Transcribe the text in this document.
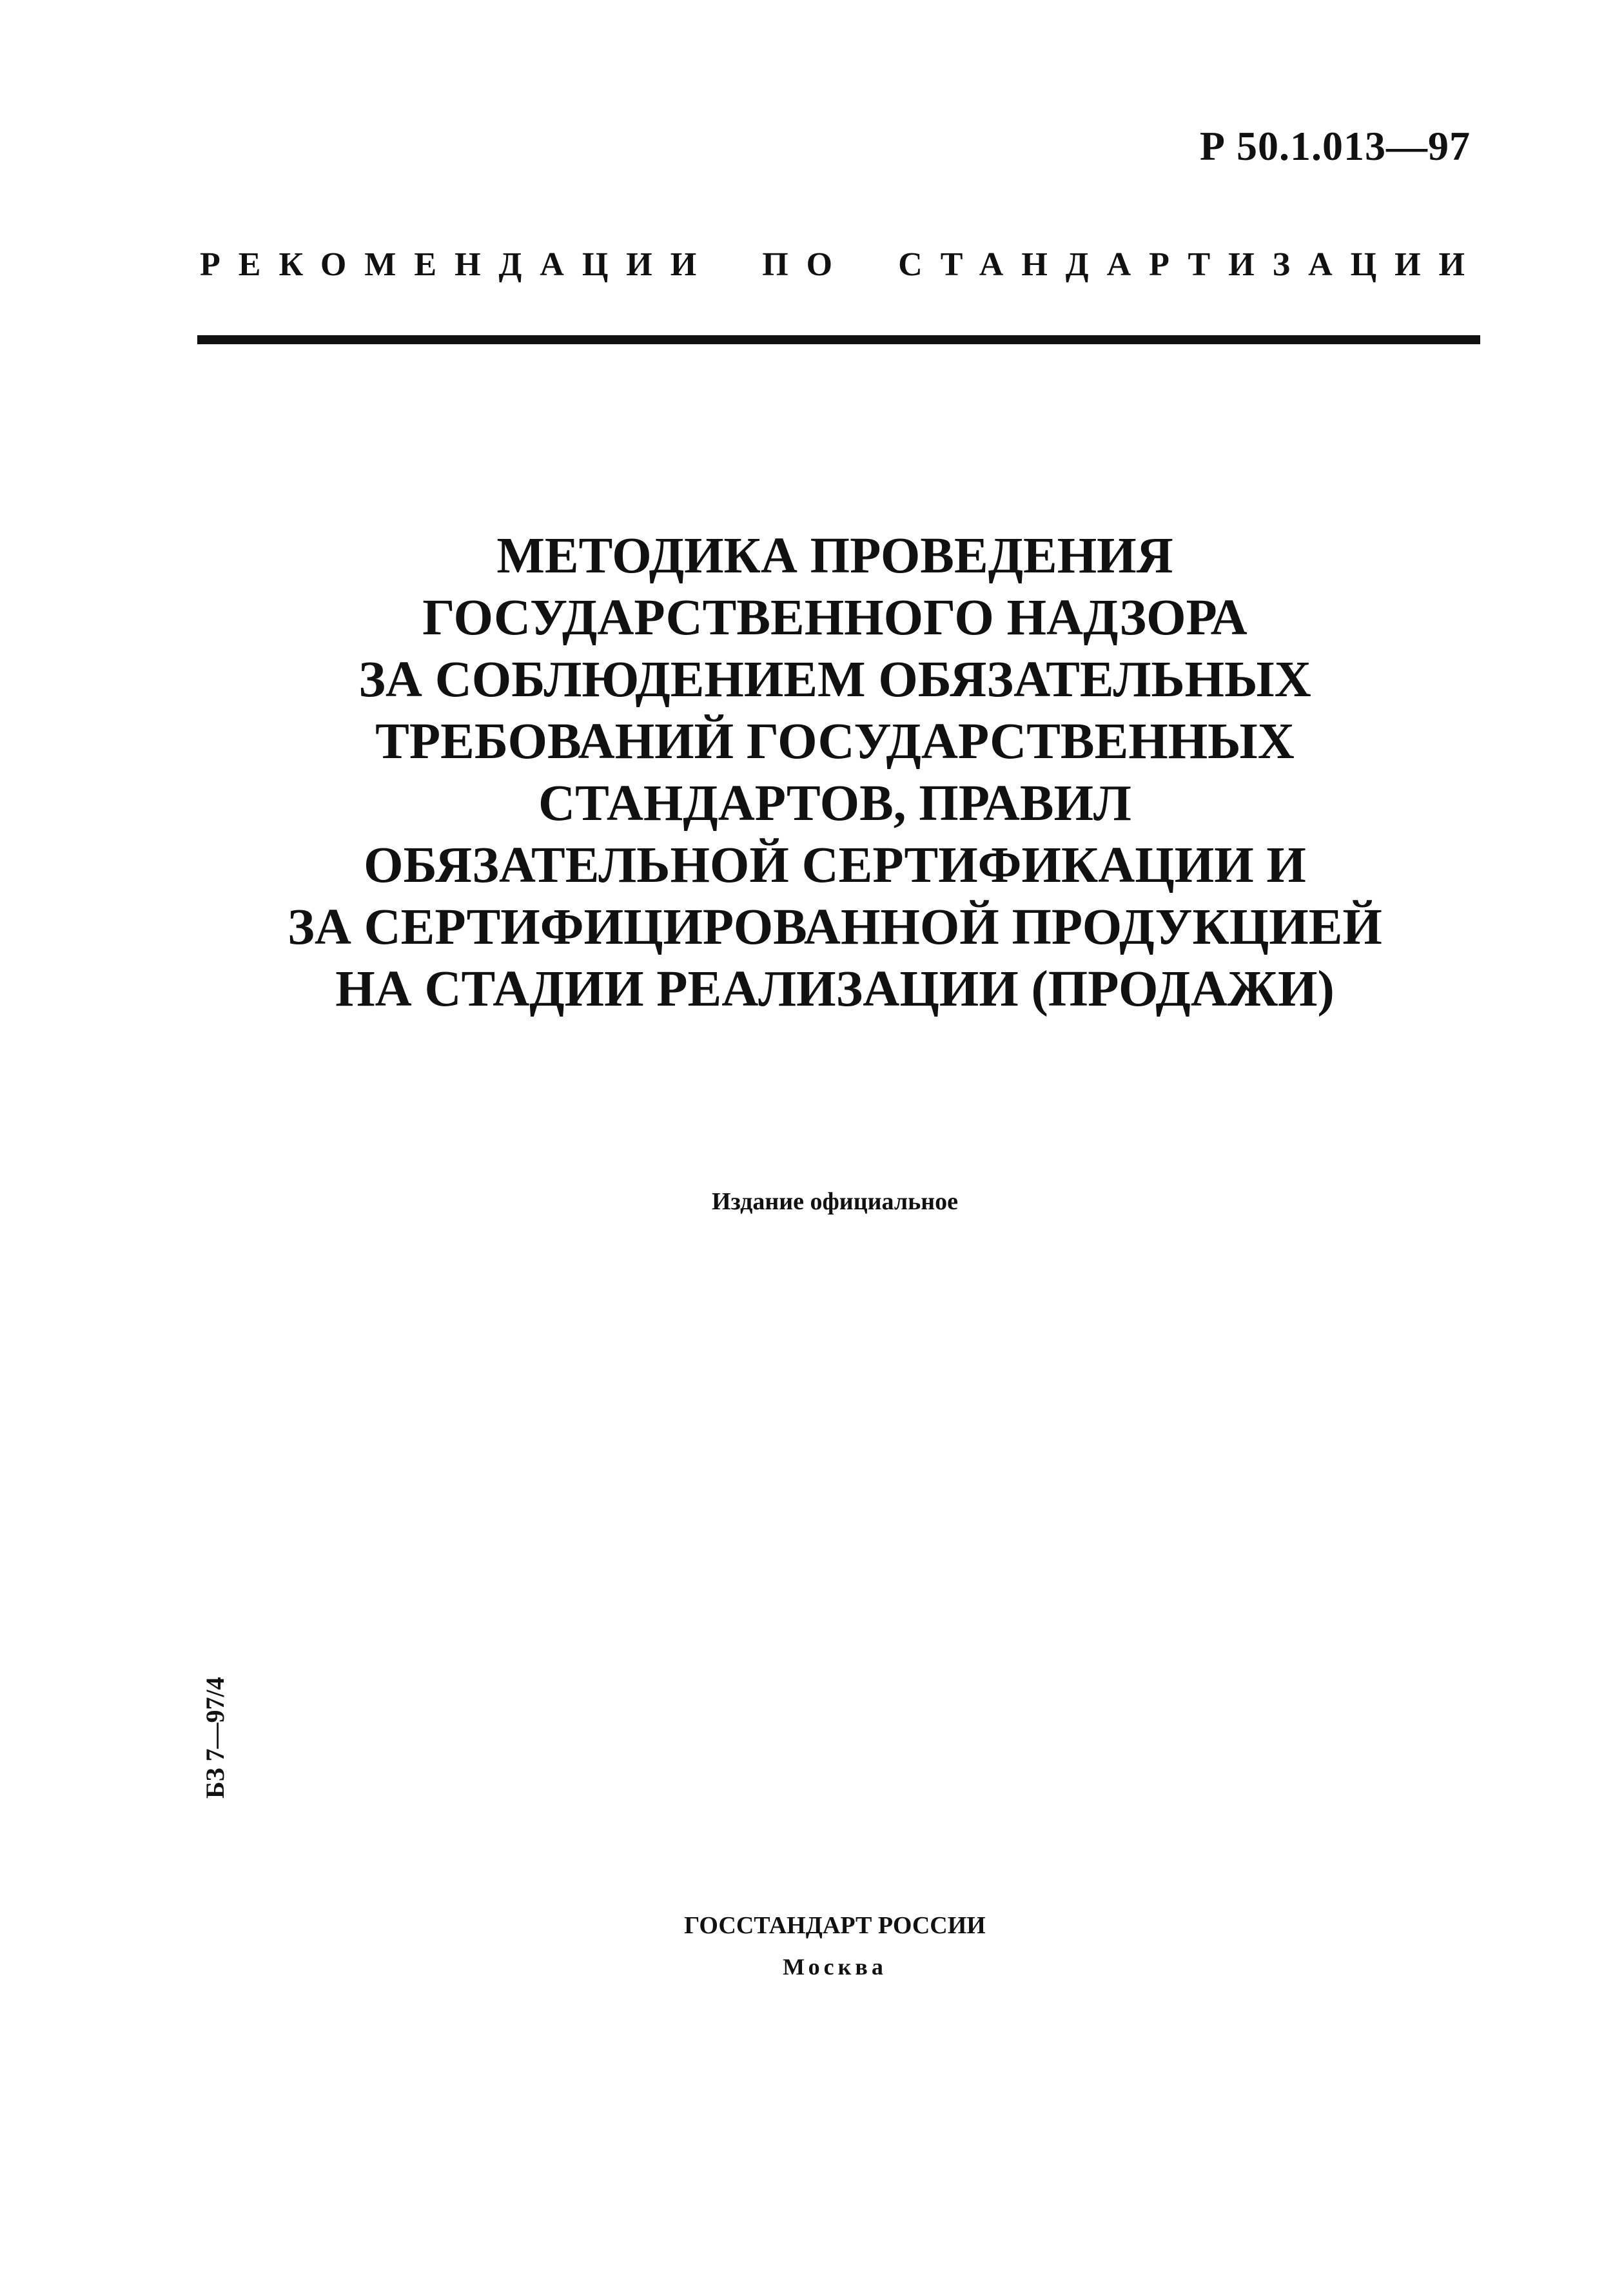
Р 50.1.013—97
РЕКОМЕНДАЦИИ ПО СТАНДАРТИЗАЦИИ
МЕТОДИКА ПРОВЕДЕНИЯ
ГОСУДАРСТВЕННОГО НАДЗОРА
ЗА СОБЛЮДЕНИЕМ ОБЯЗАТЕЛЬНЫХ
ТРЕБОВАНИЙ ГОСУДАРСТВЕННЫХ
СТАНДАРТОВ, ПРАВИЛ
ОБЯЗАТЕЛЬНОЙ СЕРТИФИКАЦИИ И
ЗА СЕРТИФИЦИРОВАННОЙ ПРОДУКЦИЕЙ
НА СТАДИИ РЕАЛИЗАЦИИ (ПРОДАЖИ)
Издание официальное
БЗ 7—97/4
ГОССТАНДАРТ РОССИИ
Москва
